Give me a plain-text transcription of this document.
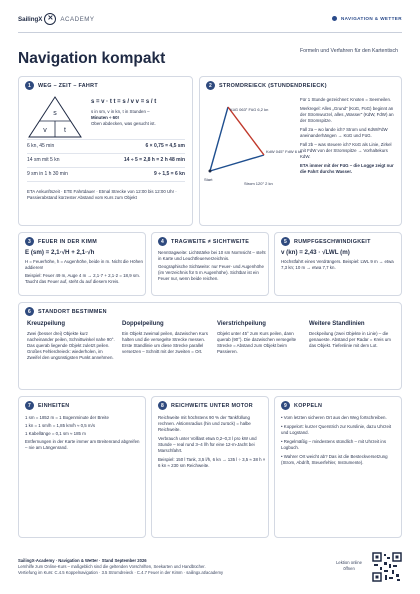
SailingX ✕	ACADEMY	NAVIGATION & WETTER
Navigation kompakt	Formeln und Verfahren für den Kartentisch
1	WEG – ZEIT – FAHRT
s
v t
s = v · t t = s / v v = s / t
s in sm, v in kn, t in Stunden –
Minuten ÷ 60!
Oben abdecken, was gesucht ist.
6 kn, 45 min	6 × 0,75 = 4,5 sm
14 sm mit 5 kn	14 ÷ 5 = 2,8 h = 2 h 48 min
9 sm in 1 h 30 min	9 ÷ 1,5 = 6 kn
ETA Ankunftszeit · ETE Fahrtdauer · Etmal Strecke von 12:00 bis 12:00 Uhr · Passierabstand kürzester Abstand vom Kurs zum Objekt
2	STROMDREIECK (STUNDENDREIECK)
KüG 063° FüG 6,2 kn
KdW 045° FdW 6 kn
Strom 120° 2 kn
Start

Für 1 Stunde gezeichnet: Knoten = Seemeilen.

Merkregel: Alles „Grund“ (KüG, FüG) beginnt an der Stromwurzel, alles „Wasser“ (KdW, FdW) an der Stromspitze.

Fall 2a – wo lande ich? Strom und KdW/FdW aneinanderhängen → KüG und FüG.

Fall 2b – was steuere ich? KüG als Linie, Zirkel mit FdW von der Stromspitze → Vorhaltekurs KdW.

ETA immer mit der FüG – die Logge zeigt nur die Fahrt durchs Wasser.

3	FEUER IN DER KIMM
E (sm) = 2,1·√H + 2,1·√h

H = Feuerhöhe, h = Augenhöhe, beide in m. Nicht die Höhen addieren!

Beispiel: Feuer 49 m, Auge 4 m → 2,1·7 + 2,1·2 = 18,9 sm. Taucht das Feuer auf, steht du auf diesem Kreis.

4	TRAGWEITE ≠ SICHTWEITE

Nenntragweite: Lichtstärke bei 10 sm Normsicht – steht in Karte und Leuchtfeuerverzeichnis.

Geographische Sichtweite: nur Feuer- und Augenhöhe (im Verzeichnis für 5 m Augenhöhe). Sichtbar ist ein Feuer nur, wenn beide reichen.

5	RUMPFGESCHWINDIGKEIT
v (kn) = 2,43 · √LWL (m)

Höchstfahrt eines Verdrängers. Beispiel: LWL 9 m → etwa 7,3 kn; 10 m → etwa 7,7 kn.

6	STANDORT BESTIMMEN
Kreuzpeilung

Zwei (besser drei) Objekte kurz nacheinander peilen, Schnittwinkel nahe 90°. Das querab liegende Objekt zuletzt peilen. Großes Fehlerdreieck: wiederholen, im Zweifel den ungünstigsten Punkt annehmen.

Doppelpeilung

Ein Objekt zweimal peilen, dazwischen Kurs halten und die versegelte Strecke messen. Erste Standlinie um diese Strecke parallel versetzen – Schnitt mit der zweiten = Ort.

Vierstrichpeilung

Objekt unter 45° zum Kurs peilen, dann querab (90°). Die dazwischen versegelte Strecke = Abstand zum Objekt beim Passieren.

Weitere Standlinien

Deckpeilung (zwei Objekte in Linie) – die genaueste. Abstand per Radar = Kreis um das Objekt. Tiefenlinie mit dem Lot.

7	EINHEITEN

1 sm = 1852 m = 1 Bogenminute der Breite

1 kn = 1 sm/h = 1,85 km/h ≈ 0,5 m/s

1 Kabellänge = 0,1 sm ≈ 185 m

Entfernungen in der Karte immer am Breitenrand abgreifen – nie am Längenrand.

8	REICHWEITE UNTER MOTOR

Reichweite mit höchstens 90 % der Tankfüllung rechnen. Aktionsradius (hin und zurück) = halbe Reichweite.

Verbrauch unter Volllast etwa 0,2–0,3 l pro kW und Stunde – real rund 3–4 l/h für eine 12-m-Jacht bei Marschfahrt.

Beispiel: 150 l Tank, 3,5 l/h, 6 kn → 135 l ÷ 3,5 ≈ 38 h × 6 kn ≈ 230 sm Reichweite.

9	KOPPELN

• Vom letzten sicheren Ort aus den Weg fortschreiben.

• Koppelort: kurzer Querstrich zur Kurslinie, dazu Uhrzeit und Logstand.

• Regelmäßig – mindestens stündlich – mit Uhrzeit ins Logbuch.

• Wahrer Ort weicht ab? Das ist die Besteckversetzung (Strom, Abdrift, Steuerfehler, Instrumente).

SailingX-Academy · Navigation & Wetter · Stand September 2026
Lernhilfe zum Online-Kurs – maßgeblich sind die geltenden Vorschriften, Seekarten und Handbücher.
Vertiefung im Kurs: C.4.5 Koppelnavigation · 3.5 Stromdreieck · C.4.7 Feuer in der Kimm · sailingx.at/academy
Lektion online öffnen
